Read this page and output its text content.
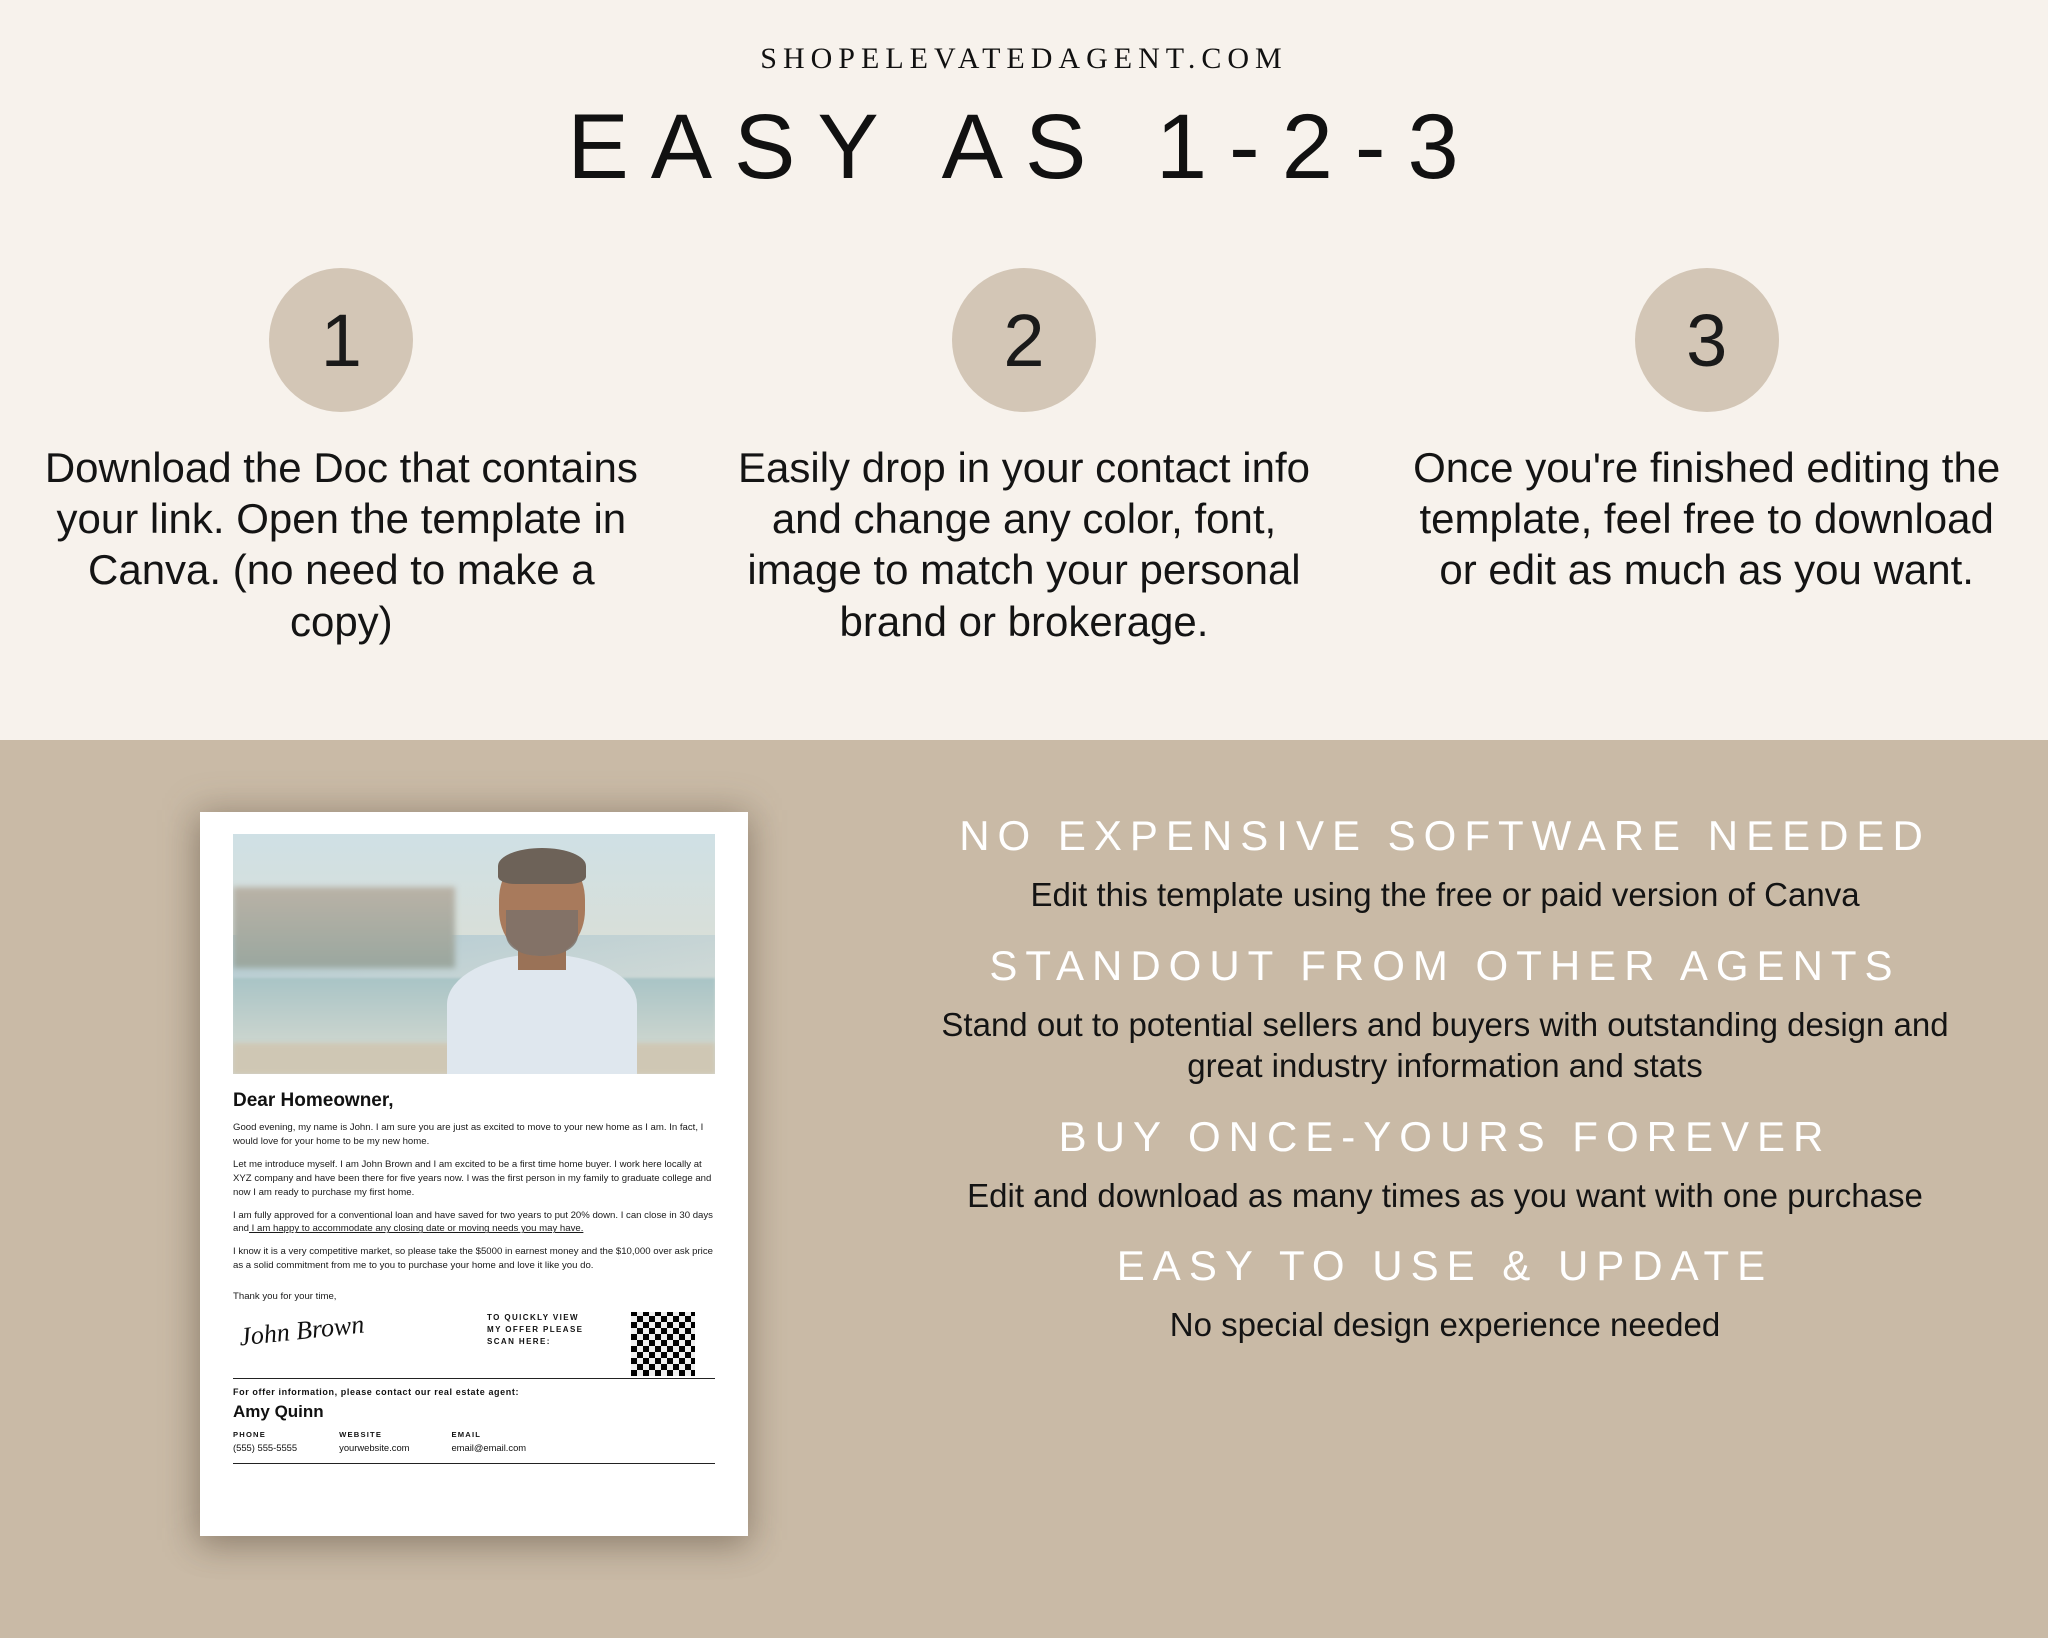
SHOPELEVATEDAGENT.COM
EASY AS 1-2-3
1
Download the Doc that contains your link. Open the template in Canva. (no need to make a copy)
2
Easily drop in your contact info and change any color, font, image to match your personal brand or brokerage.
3
Once you're finished editing the template, feel free to download or edit as much as you want.
Dear Homeowner,
Good evening, my name is John. I am sure you are just as excited to move to your new home as I am. In fact, I would love for your home to be my new home.
Let me introduce myself. I am John Brown and I am excited to be a first time home buyer. I work here locally at XYZ company and have been there for five years now. I was the first person in my family to graduate college and now I am ready to purchase my first home.
I am fully approved for a conventional loan and have saved for two years to put 20% down. I can close in 30 days and I am happy to accommodate any closing date or moving needs you may have.
I know it is a very competitive market, so please take the $5000 in earnest money and the $10,000 over ask price as a solid commitment from me to you to purchase your home and love it like you do.
Thank you for your time,
John Brown	TO QUICKLY VIEW MY OFFER PLEASE SCAN HERE:
For offer information, please contact our real estate agent:
Amy Quinn
PHONE
(555) 555-5555
WEBSITE
yourwebsite.com
EMAIL
email@email.com
NO EXPENSIVE SOFTWARE NEEDED
Edit this template using the free or paid version of Canva
STANDOUT FROM OTHER AGENTS
Stand out to potential sellers and buyers with outstanding design and great industry information and stats
BUY ONCE-YOURS FOREVER
Edit and download as many times as you want with one purchase
EASY TO USE & UPDATE
No special design experience needed
